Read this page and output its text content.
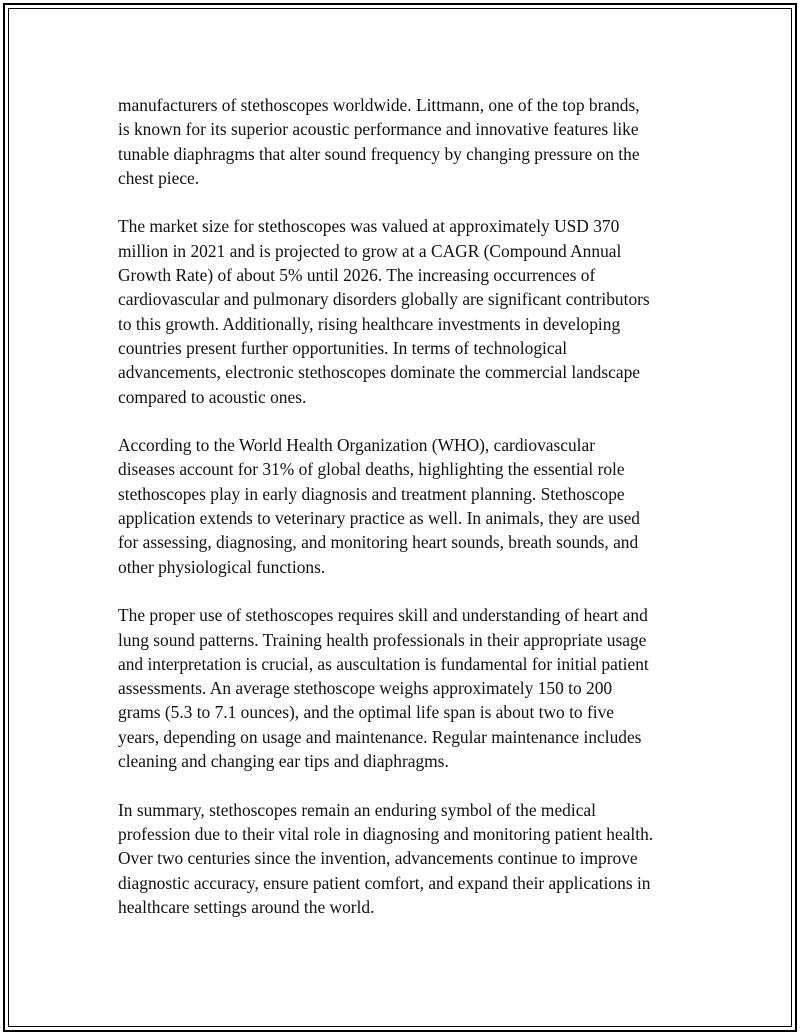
manufacturers of stethoscopes worldwide. Littmann, one of the top brands,
is known for its superior acoustic performance and innovative features like
tunable diaphragms that alter sound frequency by changing pressure on the
chest piece.

The market size for stethoscopes was valued at approximately USD 370
million in 2021 and is projected to grow at a CAGR (Compound Annual
Growth Rate) of about 5% until 2026. The increasing occurrences of
cardiovascular and pulmonary disorders globally are significant contributors
to this growth. Additionally, rising healthcare investments in developing
countries present further opportunities. In terms of technological
advancements, electronic stethoscopes dominate the commercial landscape
compared to acoustic ones.

According to the World Health Organization (WHO), cardiovascular
diseases account for 31% of global deaths, highlighting the essential role
stethoscopes play in early diagnosis and treatment planning. Stethoscope
application extends to veterinary practice as well. In animals, they are used
for assessing, diagnosing, and monitoring heart sounds, breath sounds, and
other physiological functions.

The proper use of stethoscopes requires skill and understanding of heart and
lung sound patterns. Training health professionals in their appropriate usage
and interpretation is crucial, as auscultation is fundamental for initial patient
assessments. An average stethoscope weighs approximately 150 to 200
grams (5.3 to 7.1 ounces), and the optimal life span is about two to five
years, depending on usage and maintenance. Regular maintenance includes
cleaning and changing ear tips and diaphragms.

In summary, stethoscopes remain an enduring symbol of the medical
profession due to their vital role in diagnosing and monitoring patient health.
Over two centuries since the invention, advancements continue to improve
diagnostic accuracy, ensure patient comfort, and expand their applications in
healthcare settings around the world.
